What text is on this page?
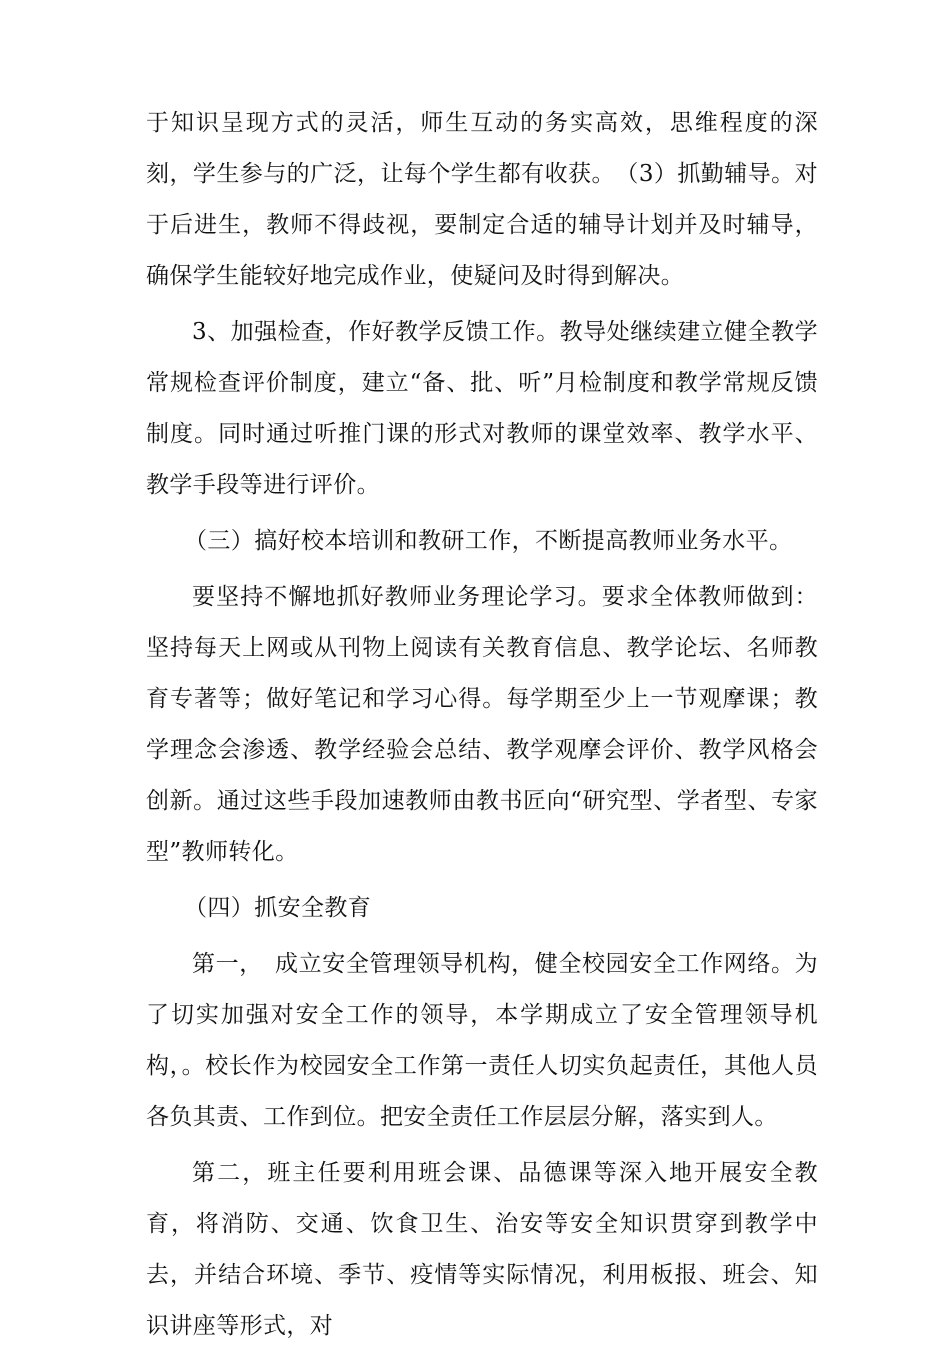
于知识呈现方式的灵活，师生互动的务实高效，思维程度的深刻，学生参与的广泛，让每个学生都有收获。　（3）抓勤辅导。对于后进生，教师不得歧视，要制定合适的辅导计划并及时辅导，确保学生能较好地完成作业，使疑问及时得到解决。

3、加强检查，作好教学反馈工作。教导处继续建立健全教学常规检查评价制度，建立“备、批、听”月检制度和教学常规反馈制度。同时通过听推门课的形式对教师的课堂效率、教学水平、教学手段等进行评价。

（三）搞好校本培训和教研工作，不断提高教师业务水平。

要坚持不懈地抓好教师业务理论学习。要求全体教师做到：坚持每天上网或从刊物上阅读有关教育信息、教学论坛、名师教育专著等；做好笔记和学习心得。每学期至少上一节观摩课；教学理念会渗透、教学经验会总结、教学观摩会评价、教学风格会创新。通过这些手段加速教师由教书匠向“研究型、学者型、专家型”教师转化。

（四）抓安全教育

第一，　成立安全管理领导机构，健全校园安全工作网络。为了切实加强对安全工作的领导，本学期成立了安全管理领导机构，。校长作为校园安全工作第一责任人切实负起责任，其他人员各负其责、工作到位。把安全责任工作层层分解，落实到人。

第二，班主任要利用班会课、品德课等深入地开展安全教育，将消防、交通、饮食卫生、治安等安全知识贯穿到教学中去，并结合环境、季节、疫情等实际情况，利用板报、班会、知识讲座等形式，对
